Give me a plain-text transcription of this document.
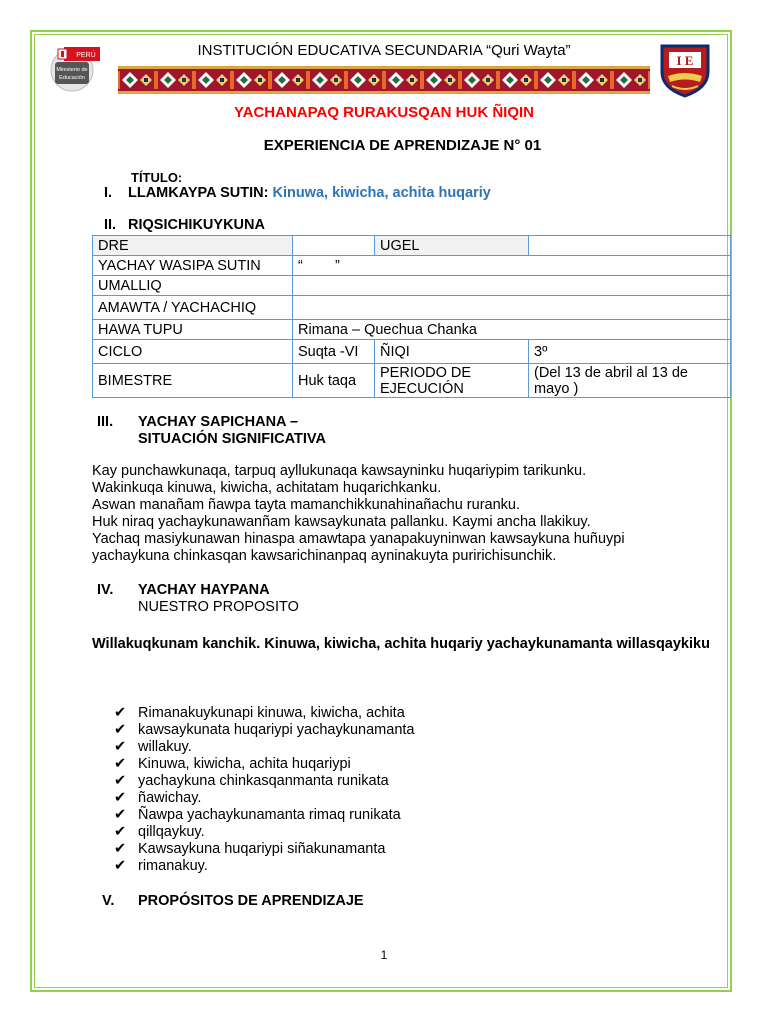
PERÚ
Ministerio de
Educación
INSTITUCIÓN EDUCATIVA SECUNDARIA “Quri Wayta”
I E
YACHANAPAQ RURAKUSQAN HUK ÑIQIN
EXPERIENCIA DE APRENDIZAJE N° 01
TÍTULO:
I. LLAMKAYPA SUTIN: Kinuwa, kiwicha, achita huqariy
II. RIQSICHIKUYKUNA
DRE		UGEL	
YACHAY WASIPA SUTIN	“        ”		
UMALLIQ			
AMAWTA / YACHACHIQ			
HAWA TUPU	Rimana – Quechua Chanka		
CICLO	Suqta -VI	ÑIQI	3º
BIMESTRE	Huk taqa	PERIODO DE EJECUCIÓN	(Del 13 de abril al 13 de mayo )
III. YACHAY SAPICHANA –
SITUACIÓN SIGNIFICATIVA
Kay punchawkunaqa, tarpuq ayllukunaqa kawsayninku huqariypim tarikunku.
Wakinkuqa kinuwa, kiwicha, achitatam huqarichkanku.
Aswan manañam ñawpa tayta mamanchikkunahinañachu ruranku.
Huk niraq yachaykunawanñam kawsaykunata pallanku. Kaymi ancha llakikuy.
Yachaq masiykunawan hinaspa amawtapa yanapakuyninwan kawsaykuna huñuypi
yachaykuna chinkasqan kawsarichinanpaq ayninakuyta puririchisunchik.
IV. YACHAY HAYPANA
NUESTRO PROPOSITO
Willakuqkunam kanchik. Kinuwa, kiwicha, achita huqariy yachaykunamanta willasqaykiku
✔ Rimanakuykunapi kinuwa, kiwicha, achita
✔ kawsaykunata huqariypi yachaykunamanta
✔ willakuy.
✔ Kinuwa, kiwicha, achita huqariypi
✔ yachaykuna chinkasqanmanta runikata
✔ ñawichay.
✔ Ñawpa yachaykunamanta rimaq runikata
✔ qillqaykuy.
✔ Kawsaykuna huqariypi siñakunamanta
✔ rimanakuy.
V. PROPÓSITOS DE APRENDIZAJE
1
